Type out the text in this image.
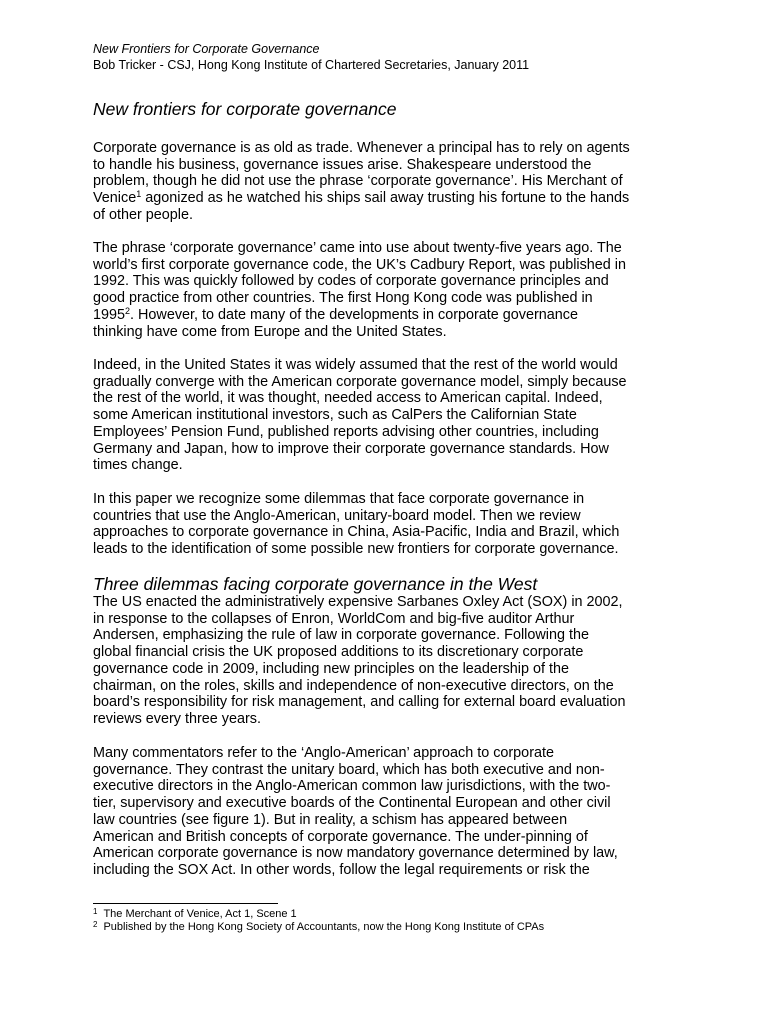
New Frontiers for Corporate Governance
Bob Tricker - CSJ, Hong Kong Institute of Chartered Secretaries, January 2011
New frontiers for corporate governance
Corporate governance is as old as trade. Whenever a principal has to rely on agents
to handle his business, governance issues arise. Shakespeare understood the
problem, though he did not use the phrase ‘corporate governance’. His Merchant of
Venice$^1$ agonized as he watched his ships sail away trusting his fortune to the hands
of other people.
The phrase ‘corporate governance’ came into use about twenty-five years ago. The
world’s first corporate governance code, the UK’s Cadbury Report, was published in
1992. This was quickly followed by codes of corporate governance principles and
good practice from other countries. The first Hong Kong code was published in
1995$^2$. However, to date many of the developments in corporate governance
thinking have come from Europe and the United States.
Indeed, in the United States it was widely assumed that the rest of the world would
gradually converge with the American corporate governance model, simply because
the rest of the world, it was thought, needed access to American capital. Indeed,
some American institutional investors, such as CalPers the Californian State
Employees’ Pension Fund, published reports advising other countries, including
Germany and Japan, how to improve their corporate governance standards. How
times change.
In this paper we recognize some dilemmas that face corporate governance in
countries that use the Anglo-American, unitary-board model. Then we review
approaches to corporate governance in China, Asia-Pacific, India and Brazil, which
leads to the identification of some possible new frontiers for corporate governance.
Three dilemmas facing corporate governance in the West
The US enacted the administratively expensive Sarbanes Oxley Act (SOX) in 2002,
in response to the collapses of Enron, WorldCom and big-five auditor Arthur
Andersen, emphasizing the rule of law in corporate governance. Following the
global financial crisis the UK proposed additions to its discretionary corporate
governance code in 2009, including new principles on the leadership of the
chairman, on the roles, skills and independence of non-executive directors, on the
board’s responsibility for risk management, and calling for external board evaluation
reviews every three years.
Many commentators refer to the ‘Anglo-American’ approach to corporate
governance. They contrast the unitary board, which has both executive and non-
executive directors in the Anglo-American common law jurisdictions, with the two-
tier, supervisory and executive boards of the Continental European and other civil
law countries (see figure 1). But in reality, a schism has appeared between
American and British concepts of corporate governance. The under-pinning of
American corporate governance is now mandatory governance determined by law,
including the SOX Act. In other words, follow the legal requirements or risk the
$^1$ The Merchant of Venice, Act 1, Scene 1
$^2$ Published by the Hong Kong Society of Accountants, now the Hong Kong Institute of CPAs
